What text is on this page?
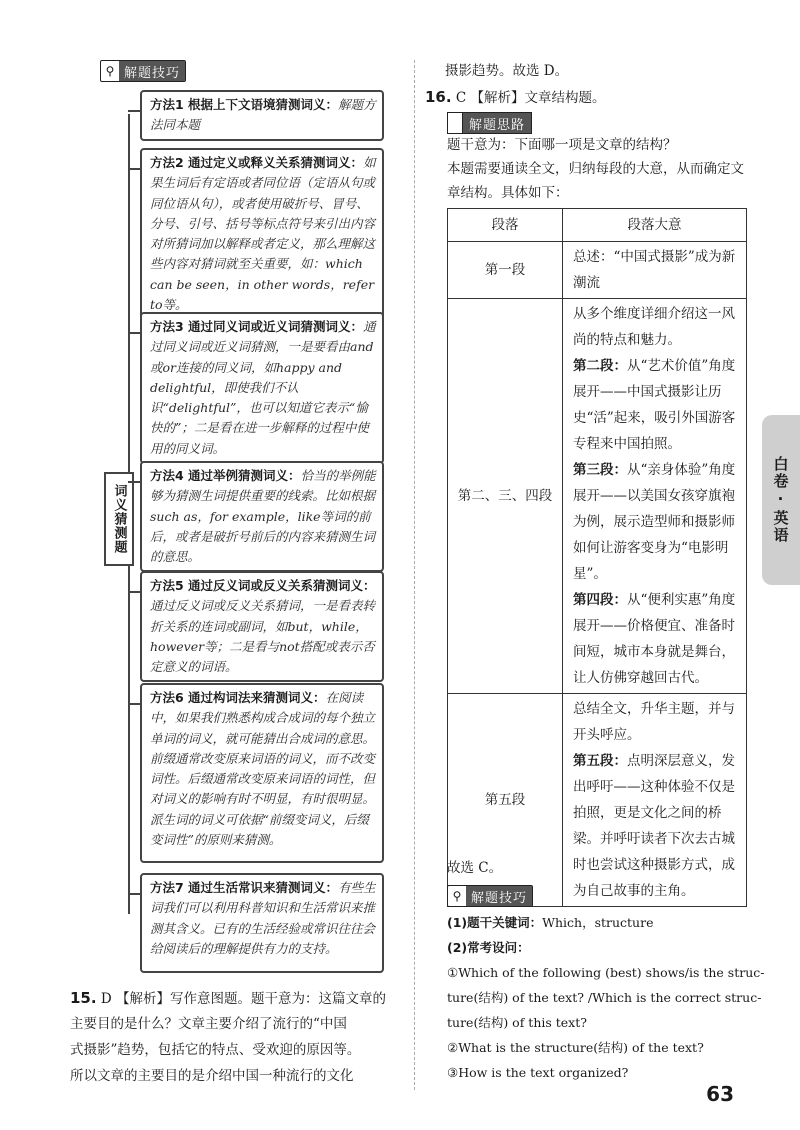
⚲ 解题技巧
词义猜测题
方法1 根据上下文语境猜测词义：解题方法同本题
方法2 通过定义或释义关系猜测词义：如果生词后有定语或者同位语（定语从句或同位语从句），或者使用破折号、冒号、分号、引号、括号等标点符号来引出内容对所猜词加以解释或者定义，那么理解这些内容对猜词就至关重要，如：which can be seen，in other words，refer to等。
方法3 通过同义词或近义词猜测词义：通过同义词或近义词猜测，一是要看由and或or连接的同义词，如happy and delightful，即使我们不认识“delightful”，也可以知道它表示“愉快的”；二是看在进一步解释的过程中使用的同义词。
方法4 通过举例猜测词义：恰当的举例能够为猜测生词提供重要的线索。比如根据such as，for example，like等词的前后，或者是破折号前后的内容来猜测生词的意思。
方法5 通过反义词或反义关系猜测词义：通过反义词或反义关系猜词，一是看表转折关系的连词或副词，如but，while，however等；二是看与not搭配或表示否定意义的词语。
方法6 通过构词法来猜测词义：在阅读中，如果我们熟悉构成合成词的每个独立单词的词义，就可能猜出合成词的意思。前缀通常改变原来词语的词义，而不改变词性。后缀通常改变原来词语的词性，但对词义的影响有时不明显，有时很明显。派生词的词义可依据“前缀变词义，后缀变词性”的原则来猜测。
方法7 通过生活常识来猜测词义：有些生词我们可以利用科普知识和生活常识来推测其含义。已有的生活经验或常识往往会给阅读后的理解提供有力的支持。
15. D 【解析】写作意图题。题干意为：这篇文章的
主要目的是什么？文章主要介绍了流行的“中国
式摄影”趋势，包括它的特点、受欢迎的原因等。
所以文章的主要目的是介绍中国一种流行的文化
摄影趋势。故选 D。
16. C 【解析】文章结构题。
解题思路
题干意为：下面哪一项是文章的结构？
本题需要通读全文，归纳每段的大意，从而确定文
章结构。具体如下：
段落	段落大意
第一段	总述：“中国式摄影”成为新潮流

第二、三、四段	从多个维度详细介绍这一风尚的特点和魅力。
第二段：从“艺术价值”角度展开——中国式摄影让历史“活”起来，吸引外国游客专程来中国拍照。
第三段：从“亲身体验”角度展开——以美国女孩穿旗袍为例，展示造型师和摄影师如何让游客变身为“电影明星”。
第四段：从“便利实惠”角度展开——价格便宜、准备时间短，城市本身就是舞台，让人仿佛穿越回古代。

第五段	总结全文，升华主题，并与开头呼应。
第五段：点明深层意义，发出呼吁——这种体验不仅是拍照，更是文化之间的桥梁。并呼吁读者下次去古城时也尝试这种摄影方式，成为自己故事的主角。
故选 C。
⚲ 解题技巧
(1)题干关键词：Which，structure
(2)常考设问：
①Which of the following (best) shows/is the struc-
ture(结构) of the text? /Which is the correct struc-
ture(结构) of this text?
②What is the structure(结构) of the text?
③How is the text organized?
白卷·英语
63
